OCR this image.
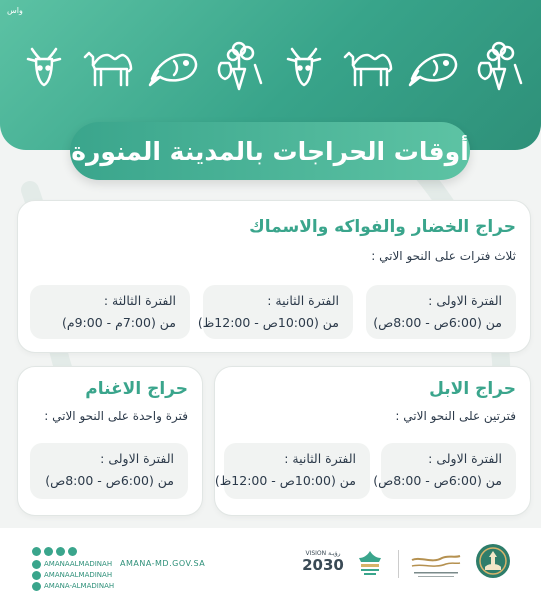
واس
أوقات الحراجات بالمدينة المنورة
حراج الخضار والفواكه والاسماك
ثلاث فترات على النحو الاتي :
الفترة الاولى :
من (6:00ص - 8:00ص)
الفترة الثانية :
من (10:00ص - 12:00ظ)
الفترة الثالثة :
من (7:00م - 9:00م)
حراج الابل
فترتين على النحو الاتي :
الفترة الاولى :
من (6:00ص - 8:00ص)
الفترة الثانية :
من (10:00ص - 12:00ظ)
حراج الاغنام
فترة واحدة على النحو الاتي :
الفترة الاولى :
من (6:00ص - 8:00ص)
AMANAALMADINAH
AMANAALMADINAH
AMANA-ALMADINAH
AMANA-MD.GOV.SA
VISION رؤيـة
2030
